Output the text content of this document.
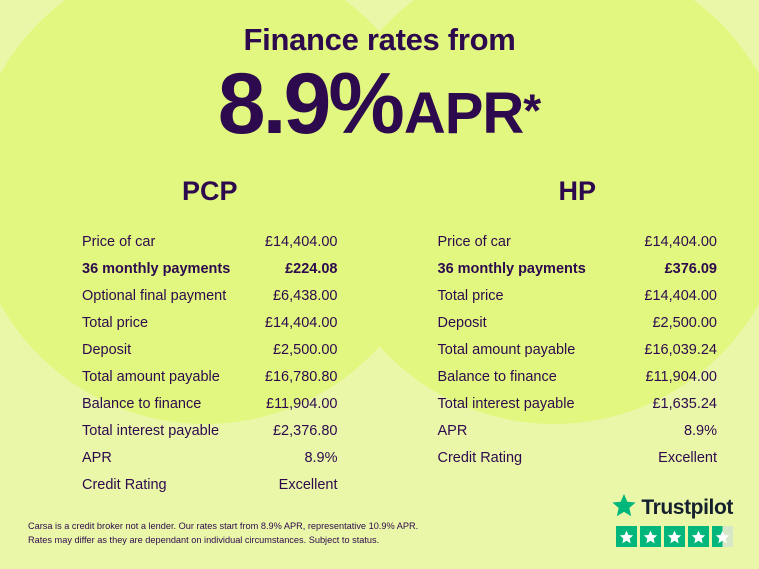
Finance rates from
8.9%APR*
PCP
Price of car	£14,404.00
36 monthly payments	£224.08
Optional final payment	£6,438.00
Total price	£14,404.00
Deposit	£2,500.00
Total amount payable	£16,780.80
Balance to finance	£11,904.00
Total interest payable	£2,376.80
APR	8.9%
Credit Rating	Excellent
HP
Price of car	£14,404.00
36 monthly payments	£376.09
Total price	£14,404.00
Deposit	£2,500.00
Total amount payable	£16,039.24
Balance to finance	£11,904.00
Total interest payable	£1,635.24
APR	8.9%
Credit Rating	Excellent
Carsa is a credit broker not a lender. Our rates start from 8.9% APR, representative 10.9% APR. Rates may differ as they are dependant on individual circumstances. Subject to status.
Trustpilot
